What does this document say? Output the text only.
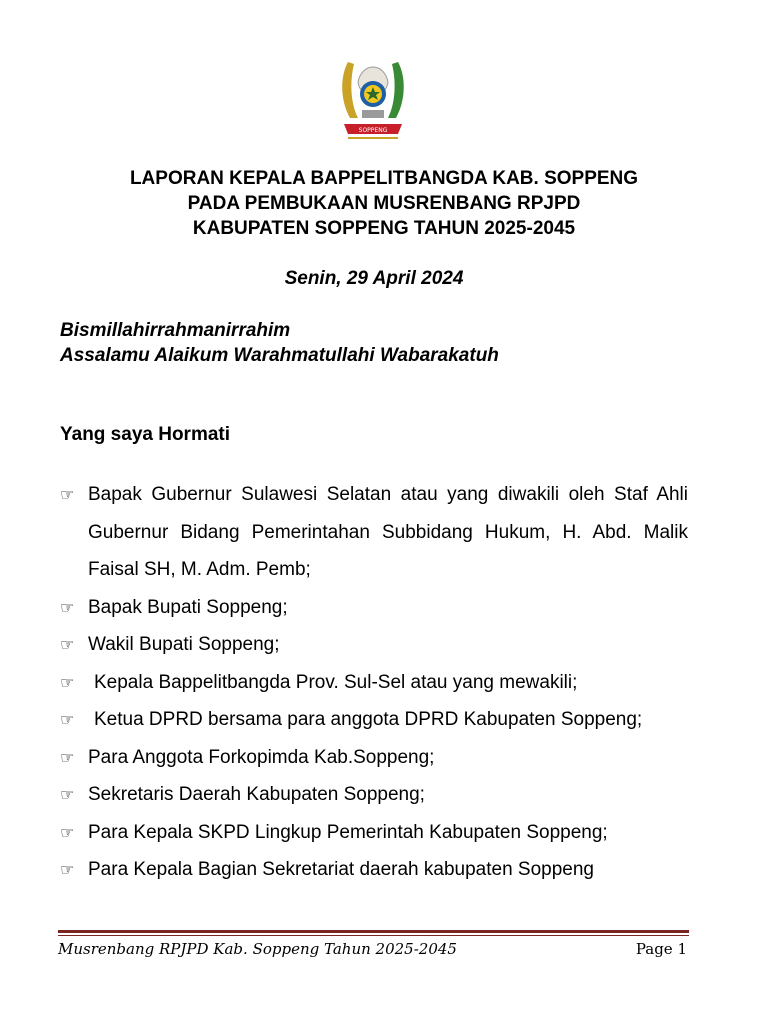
SOPPENG
LAPORAN KEPALA BAPPELITBANGDA KAB. SOPPENG
PADA PEMBUKAAN MUSRENBANG RPJPD
KABUPATEN SOPPENG TAHUN 2025-2045
Senin, 29 April 2024
Bismillahirrahmanirrahim
Assalamu Alaikum Warahmatullahi Wabarakatuh
Yang saya Hormati
☞ Bapak Gubernur Sulawesi Selatan atau yang diwakili oleh Staf Ahli Gubernur Bidang Pemerintahan Subbidang Hukum, H. Abd. Malik Faisal SH, M. Adm. Pemb;
☞ Bapak Bupati Soppeng;
☞ Wakil Bupati Soppeng;
☞ Kepala Bappelitbangda Prov. Sul-Sel atau yang mewakili;
☞ Ketua DPRD bersama para anggota DPRD Kabupaten Soppeng;
☞ Para Anggota Forkopimda Kab.Soppeng;
☞ Sekretaris Daerah Kabupaten Soppeng;
☞ Para Kepala SKPD Lingkup Pemerintah Kabupaten Soppeng;
☞ Para Kepala Bagian Sekretariat daerah kabupaten Soppeng
Musrenbang RPJPD Kab. Soppeng Tahun 2025-2045	Page 1
